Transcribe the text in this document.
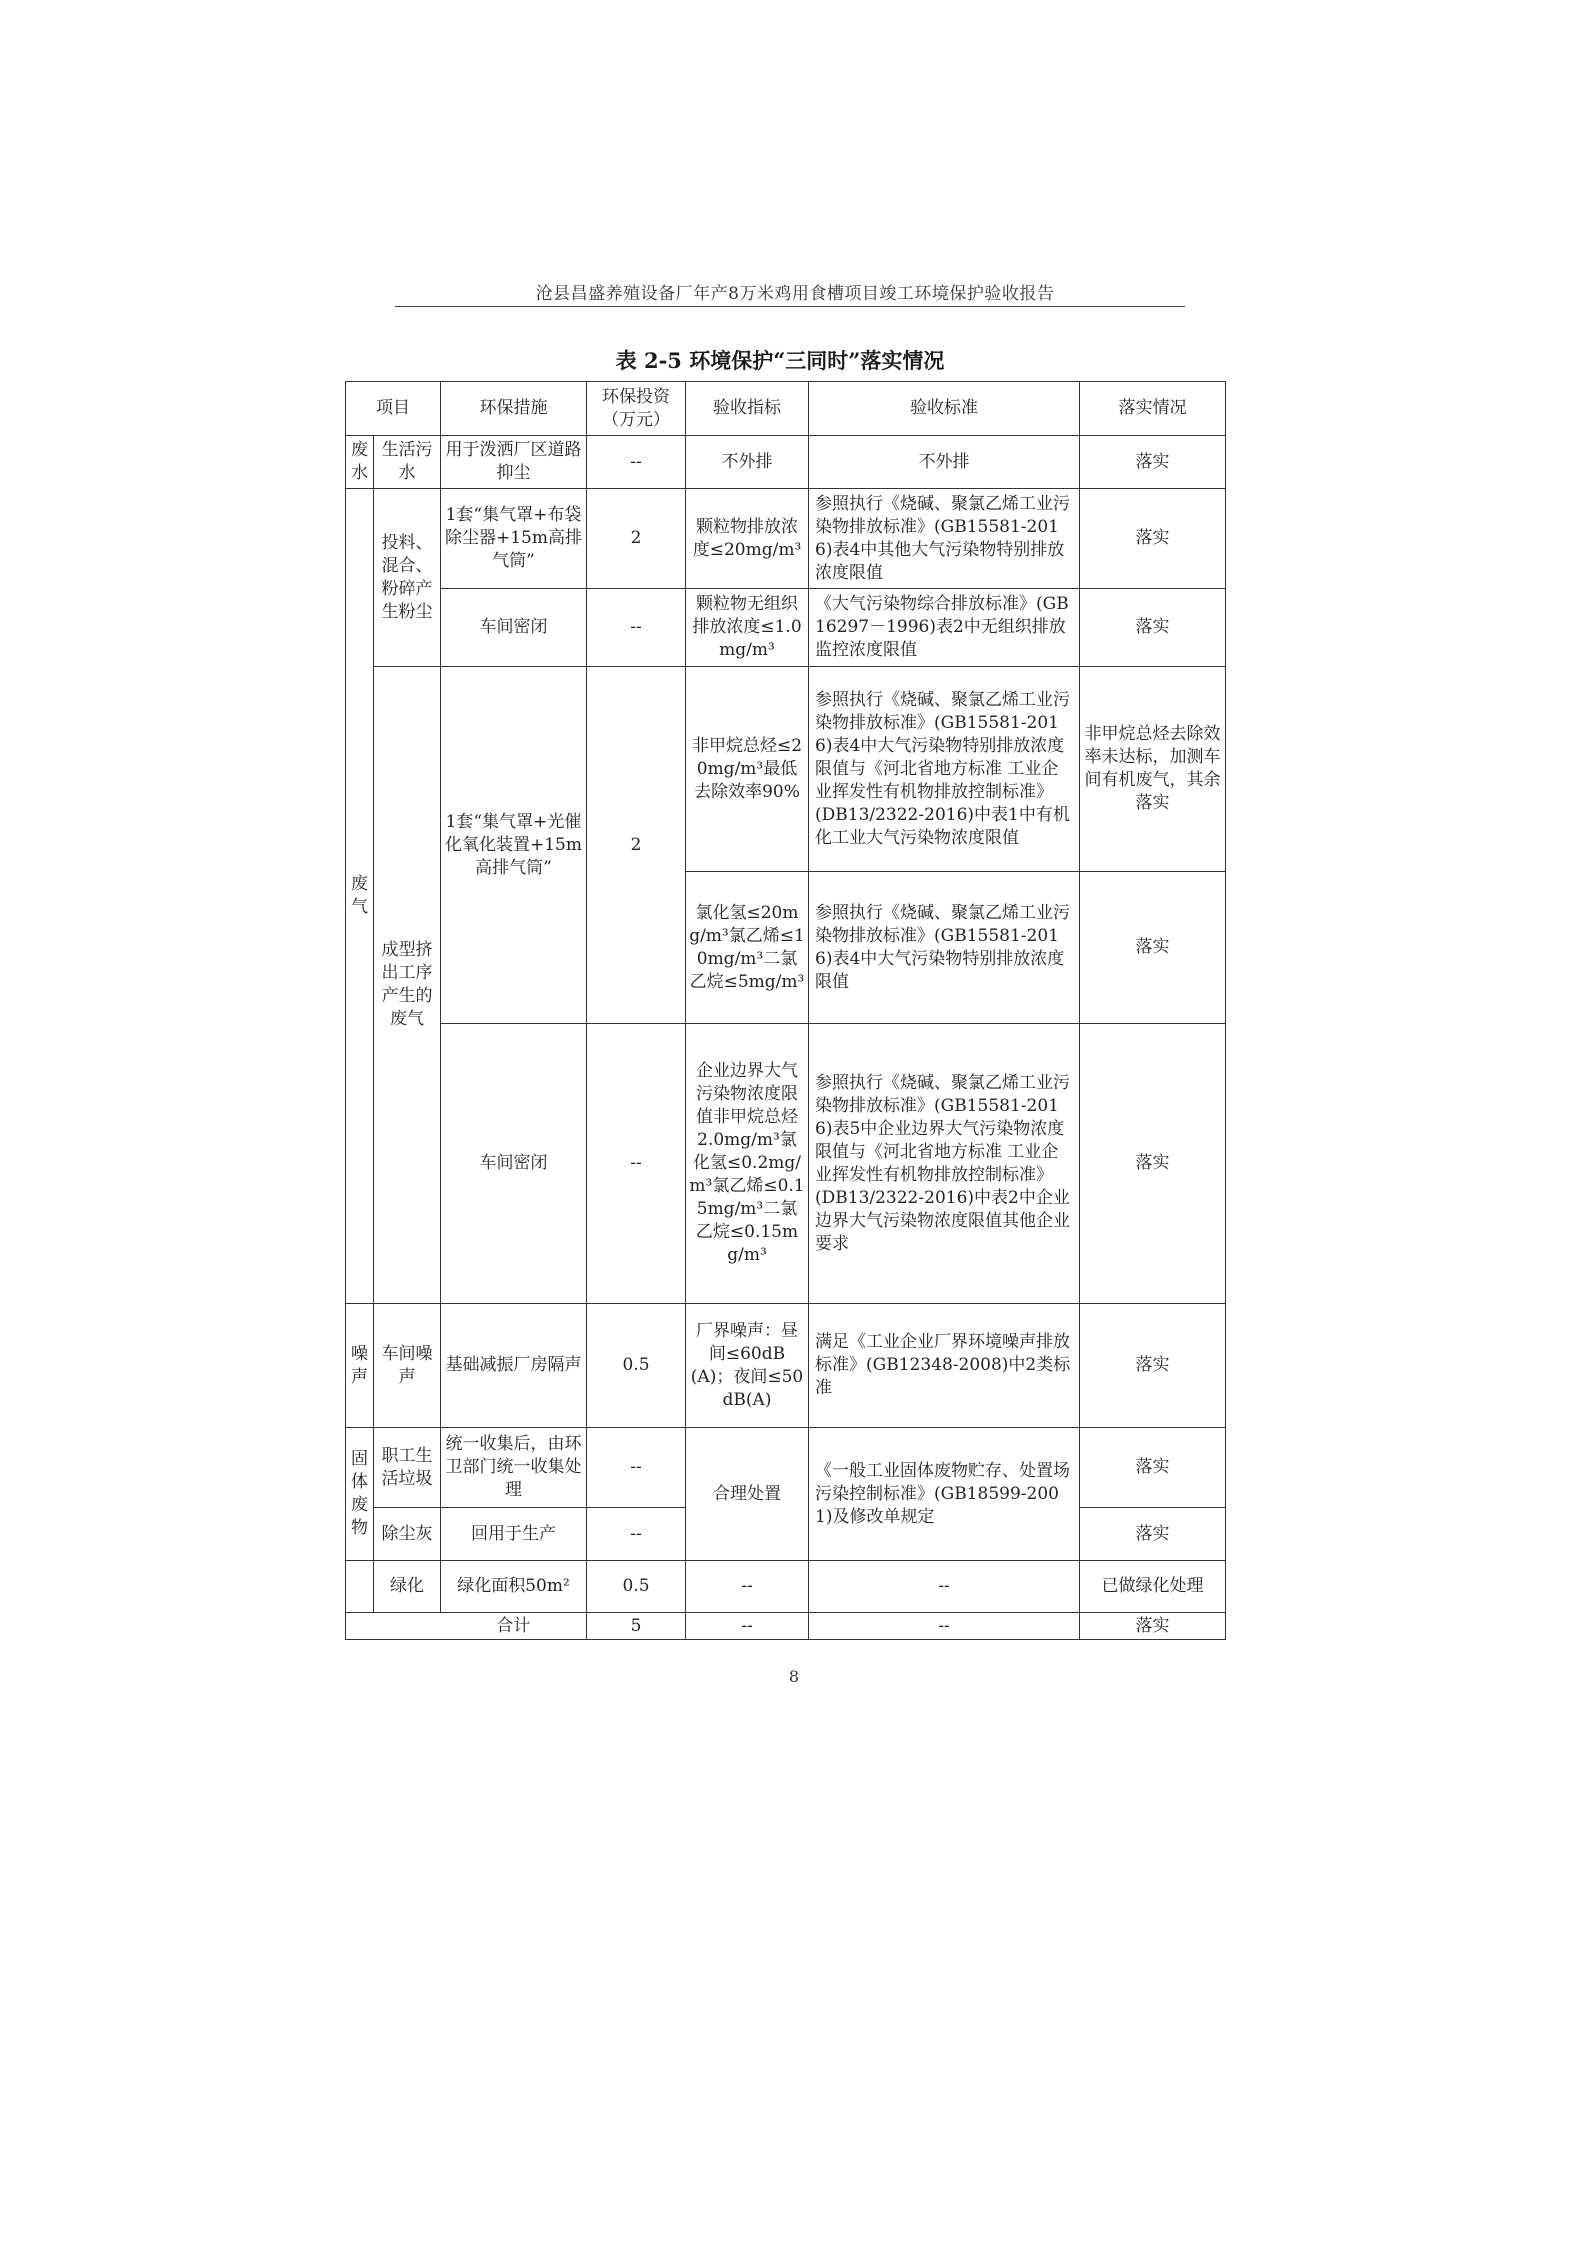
沧县昌盛养殖设备厂年产8万米鸡用食槽项目竣工环境保护验收报告
表 2-5 环境保护“三同时”落实情况
项目		环保措施	环保投资（万元）	验收指标	验收标准	落实情况
废水	生活污水	用于泼洒厂区道路抑尘	--	不外排	不外排	落实
废气	投料、混合、粉碎产生粉尘	1套“集气罩+布袋除尘器+15m高排气筒”	2	颗粒物排放浓度≤20mg/m³	参照执行《烧碱、聚氯乙烯工业污染物排放标准》(GB15581-2016)表4中其他大气污染物特别排放浓度限值	落实
		车间密闭	--	颗粒物无组织排放浓度≤1.0mg/m³	《大气污染物综合排放标准》(GB16297－1996)表2中无组织排放监控浓度限值	落实
	成型挤出工序产生的废气	1套“集气罩+光催化氧化装置+15m高排气筒”	2	非甲烷总烃≤20mg/m³最低去除效率90%	参照执行《烧碱、聚氯乙烯工业污染物排放标准》(GB15581-2016)表4中大气污染物特别排放浓度限值与《河北省地方标准 工业企业挥发性有机物排放控制标准》(DB13/2322-2016)中表1中有机化工业大气污染物浓度限值	非甲烷总烃去除效率未达标，加测车间有机废气，其余落实
				氯化氢≤20mg/m³氯乙烯≤10mg/m³二氯乙烷≤5mg/m³	参照执行《烧碱、聚氯乙烯工业污染物排放标准》(GB15581-2016)表4中大气污染物特别排放浓度限值	落实
		车间密闭	--	企业边界大气污染物浓度限值非甲烷总烃2.0mg/m³氯化氢≤0.2mg/m³氯乙烯≤0.15mg/m³二氯乙烷≤0.15mg/m³	参照执行《烧碱、聚氯乙烯工业污染物排放标准》(GB15581-2016)表5中企业边界大气污染物浓度限值与《河北省地方标准 工业企业挥发性有机物排放控制标准》(DB13/2322-2016)中表2中企业边界大气污染物浓度限值其他企业要求	落实
噪声	车间噪声	基础减振厂房隔声	0.5	厂界噪声：昼间≤60dB(A)；夜间≤50dB(A)	满足《工业企业厂界环境噪声排放标准》(GB12348-2008)中2类标准	落实
固体废物	职工生活垃圾	统一收集后，由环卫部门统一收集处理	--	合理处置	《一般工业固体废物贮存、处置场污染控制标准》(GB18599-2001)及修改单规定	落实
	除尘灰	回用于生产	--			落实
	绿化	绿化面积50m²	0.5	--	--	已做绿化处理
		合计	5	--	--	落实
8
